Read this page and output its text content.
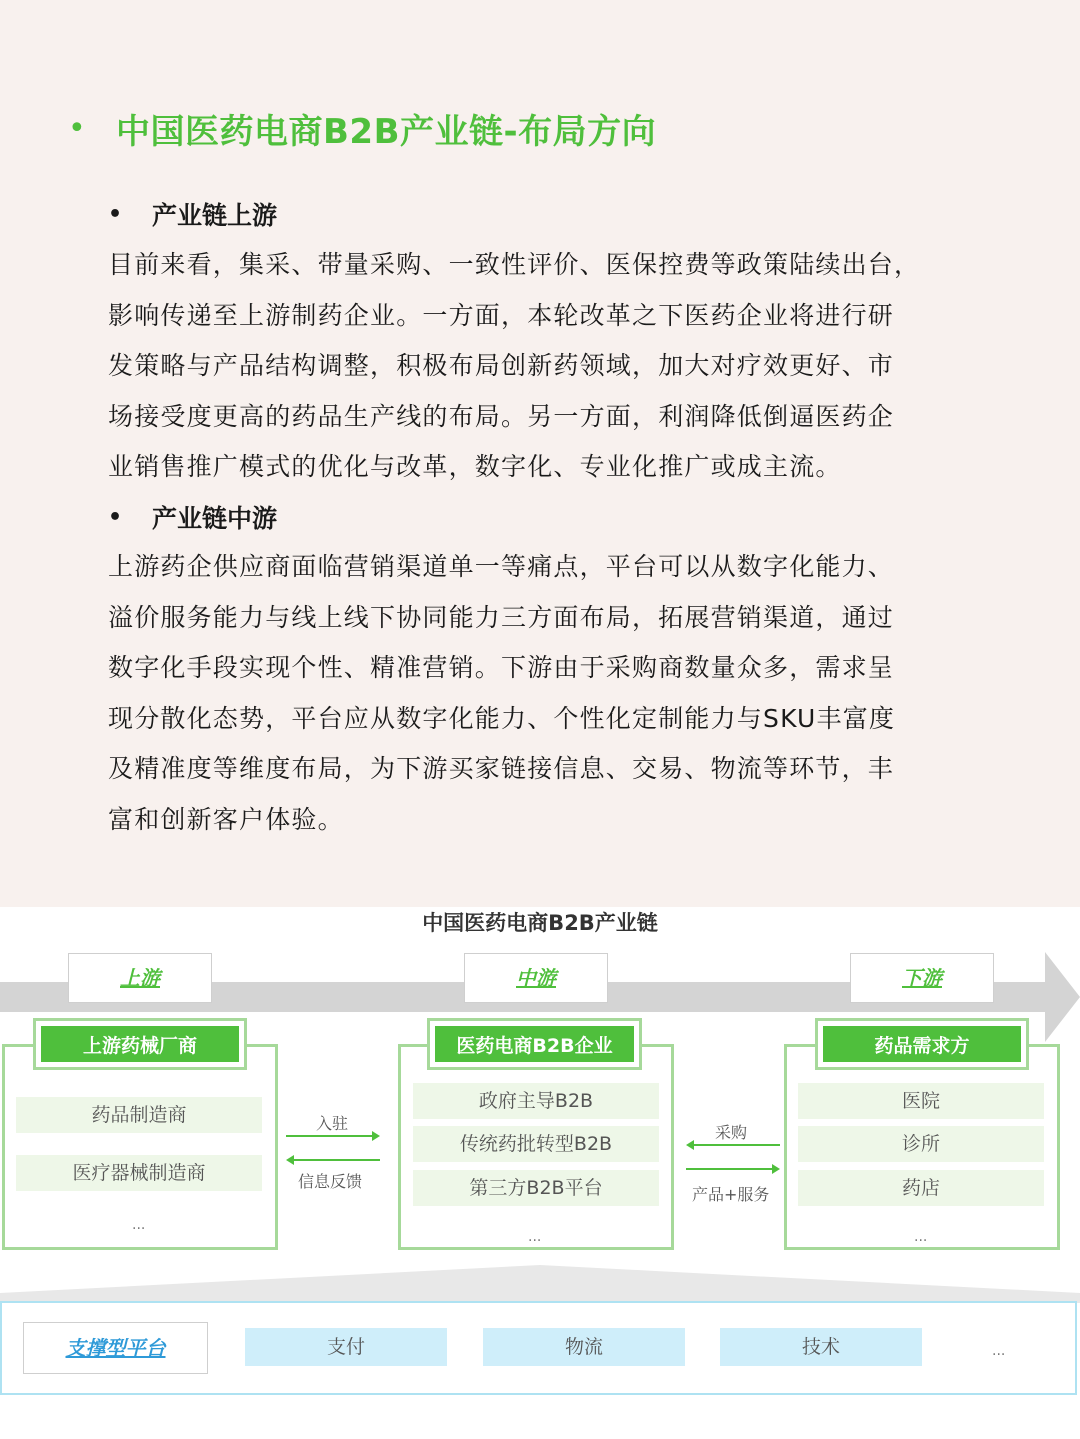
• 中国医药电商B2B产业链-布局方向
•	产业链上游
目前来看，集采、带量采购、一致性评价、医保控费等政策陆续出台，
影响传递至上游制药企业。一方面，本轮改革之下医药企业将进行研
发策略与产品结构调整，积极布局创新药领域，加大对疗效更好、市
场接受度更高的药品生产线的布局。另一方面，利润降低倒逼医药企
业销售推广模式的优化与改革，数字化、专业化推广或成主流。
•	产业链中游
上游药企供应商面临营销渠道单一等痛点，平台可以从数字化能力、
溢价服务能力与线上线下协同能力三方面布局，拓展营销渠道，通过
数字化手段实现个性、精准营销。下游由于采购商数量众多，需求呈
现分散化态势，平台应从数字化能力、个性化定制能力与SKU丰富度
及精准度等维度布局，为下游买家链接信息、交易、物流等环节，丰
富和创新客户体验。
中国医药电商B2B产业链
上游	中游	下游
上游药械厂商
药品制造商
医疗器械制造商
...
医药电商B2B企业
政府主导B2B
传统药批转型B2B
第三方B2B平台
...
药品需求方
医院
诊所
药店
...
入驻
信息反馈
采购
产品+服务
支撑型平台	支付	物流	技术	...
